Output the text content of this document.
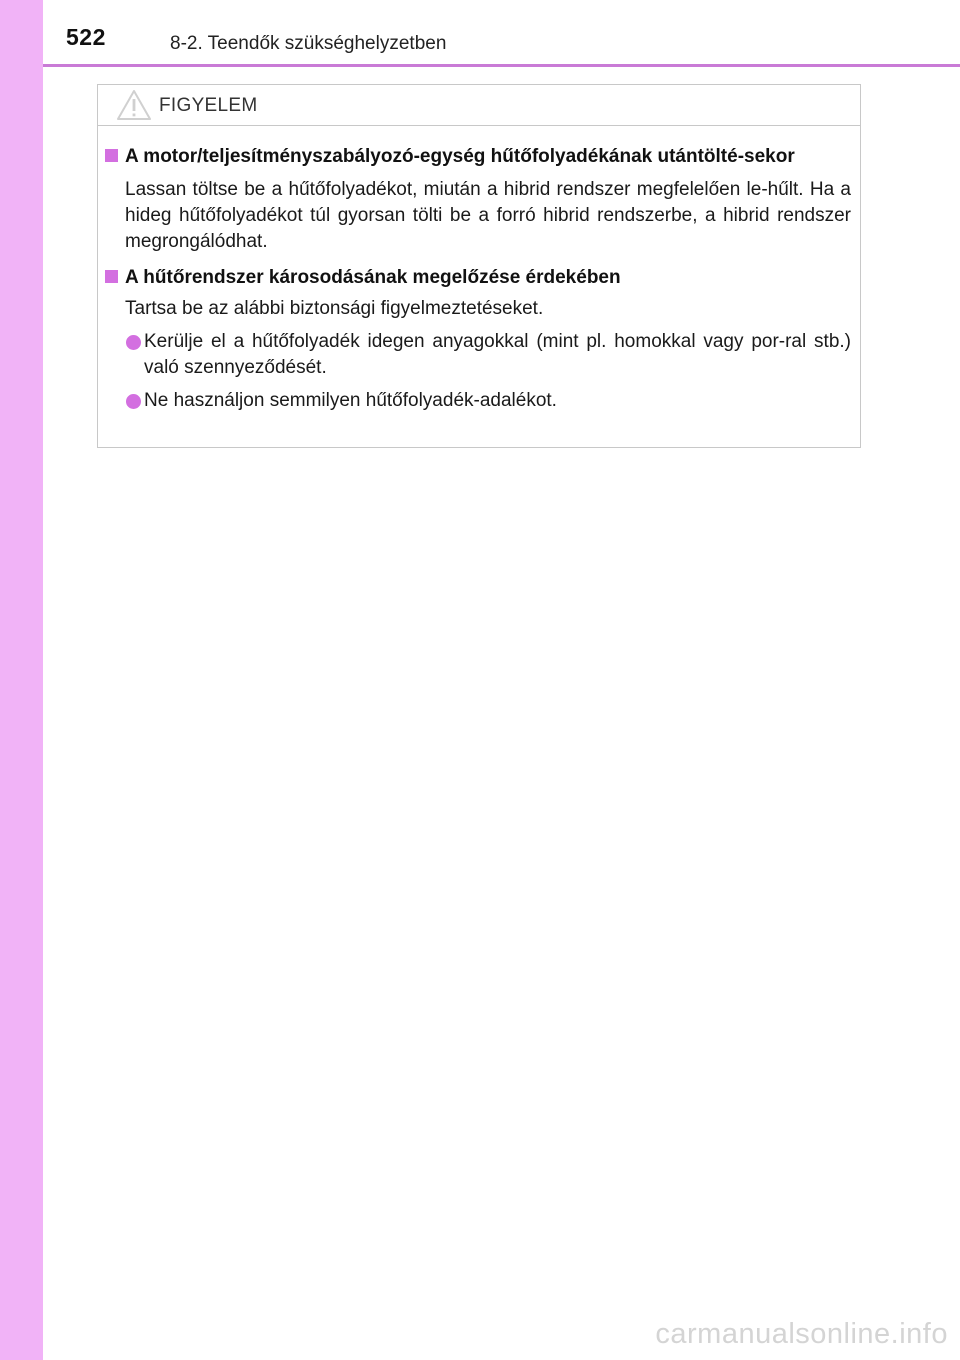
522	8-2. Teendők szükséghelyzetben
FIGYELEM
A motor/teljesítményszabályozó-egység hűtőfolyadékának utántölté-sekor
Lassan töltse be a hűtőfolyadékot, miután a hibrid rendszer megfelelően le-hűlt. Ha a hideg hűtőfolyadékot túl gyorsan tölti be a forró hibrid rendszerbe, a hibrid rendszer megrongálódhat.
A hűtőrendszer károsodásának megelőzése érdekében
Tartsa be az alábbi biztonsági figyelmeztetéseket.
Kerülje el a hűtőfolyadék idegen anyagokkal (mint pl. homokkal vagy por-ral stb.) való szennyeződését.
Ne használjon semmilyen hűtőfolyadék-adalékot.
carmanualsonline.info
